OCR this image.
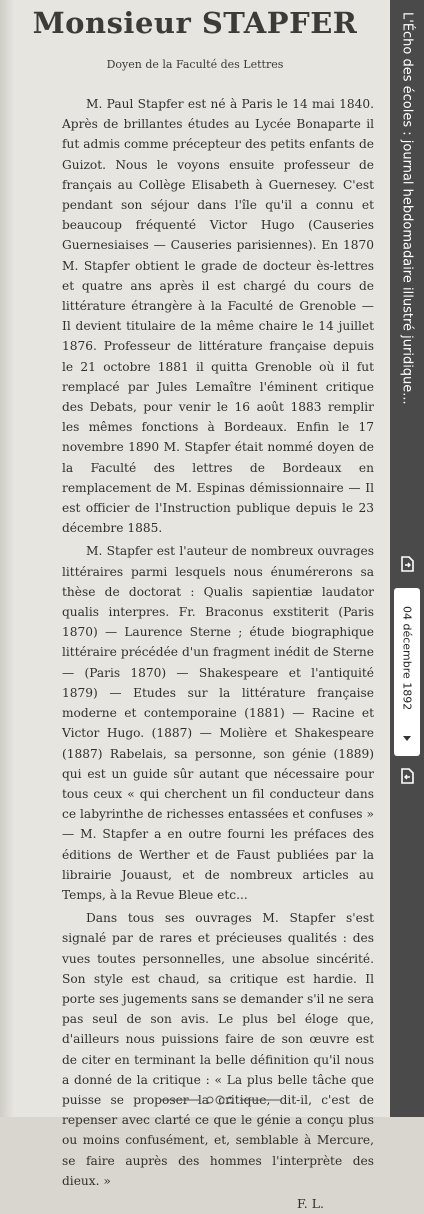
Monsieur STAPFER
Doyen de la Faculté des Lettres

M. Paul Stapfer est né à Paris le 14 mai 1840. Après de brillantes études au Lycée Bonaparte il fut admis comme précepteur des petits enfants de Guizot. Nous le voyons ensuite professeur de français au Collège Elisabeth à Guernesey. C'est pendant son séjour dans l'île qu'il a connu et beaucoup fréquenté Victor Hugo (Causeries Guernesiaises — Causeries parisiennes). En 1870 M. Stapfer obtient le grade de docteur ès-lettres et quatre ans après il est chargé du cours de littérature étrangère à la Faculté de Grenoble — Il devient titulaire de la même chaire le 14 juillet 1876. Professeur de littérature française depuis le 21 octobre 1881 il quitta Grenoble où il fut remplacé par Jules Lemaître l'éminent critique des Debats, pour venir le 16 août 1883 remplir les mêmes fonctions à Bordeaux. Enfin le 17 novembre 1890 M. Stapfer était nommé doyen de la Faculté des lettres de Bordeaux en remplacement de M. Espinas démissionnaire — Il est officier de l'Instruction publique depuis le 23 décembre 1885.

M. Stapfer est l'auteur de nombreux ouvrages littéraires parmi lesquels nous énumérerons sa thèse de doctorat : Qualis sapientiæ laudator qualis interpres. Fr. Braconus exstiterit (Paris 1870) — Laurence Sterne ; étude biographique littéraire précédée d'un fragment inédit de Sterne — (Paris 1870) — Shakespeare et l'antiquité 1879) — Etudes sur la littérature française moderne et contemporaine (1881) — Racine et Victor Hugo. (1887) — Molière et Shakespeare (1887) Rabelais, sa personne, son génie (1889) qui est un guide sûr autant que nécessaire pour tous ceux « qui cherchent un fil conducteur dans ce labyrinthe de richesses entassées et confuses » — M. Stapfer a en outre fourni les préfaces des éditions de Werther et de Faust publiées par la librairie Jouaust, et de nombreux articles au Temps, à la Revue Bleue etc...

Dans tous ses ouvrages M. Stapfer s'est signalé par de rares et précieuses qualités : des vues toutes personnelles, une absolue sincérité. Son style est chaud, sa critique est hardie. Il porte ses jugements sans se demander s'il ne sera pas seul de son avis. Le plus bel éloge que, d'ailleurs nous puissions faire de son œuvre est de citer en terminant la belle définition qu'il nous a donné de la critique : « La plus belle tâche que puisse se proposer la critique, dit-il, c'est de repenser avec clarté ce que le génie a conçu plus ou moins confusément, et, semblable à Mercure, se faire auprès des hommes l'interprète des dieux. »

F. L.
L'Écho des écoles : journal hebdomadaire illustré juridique...
04 décembre 1892
